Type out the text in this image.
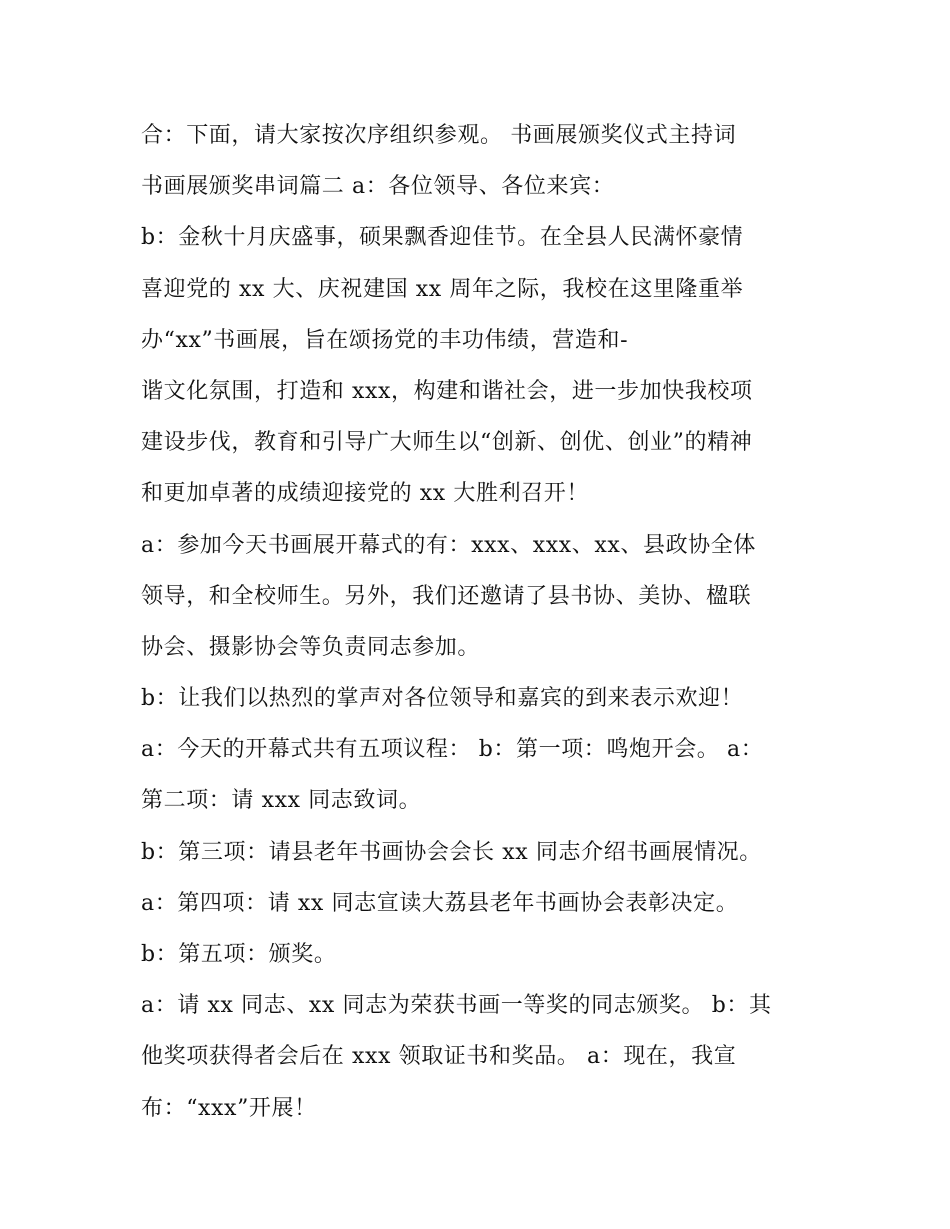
合：下面，请大家按次序组织参观。 书画展颁奖仪式主持词
书画展颁奖串词篇二 a：各位领导、各位来宾：
b：金秋十月庆盛事，硕果飘香迎佳节。在全县人民满怀豪情
喜迎党的 xx 大、庆祝建国 xx 周年之际，我校在这里隆重举
办“xx”书画展，旨在颂扬党的丰功伟绩，营造和-
谐文化氛围，打造和 xxx，构建和谐社会，进一步加快我校项
建设步伐，教育和引导广大师生以“创新、创优、创业”的精神
和更加卓著的成绩迎接党的 xx 大胜利召开！
a：参加今天书画展开幕式的有：xxx、xxx、xx、县政协全体
领导，和全校师生。另外，我们还邀请了县书协、美协、楹联
协会、摄影协会等负责同志参加。
b：让我们以热烈的掌声对各位领导和嘉宾的到来表示欢迎！
a：今天的开幕式共有五项议程： b：第一项：鸣炮开会。 a：
第二项：请 xxx 同志致词。
b：第三项：请县老年书画协会会长 xx 同志介绍书画展情况。
a：第四项：请 xx 同志宣读大荔县老年书画协会表彰决定。
b：第五项：颁奖。
a：请 xx 同志、xx 同志为荣获书画一等奖的同志颁奖。 b：其
他奖项获得者会后在 xxx 领取证书和奖品。 a：现在，我宣
布：“xxx”开展！
